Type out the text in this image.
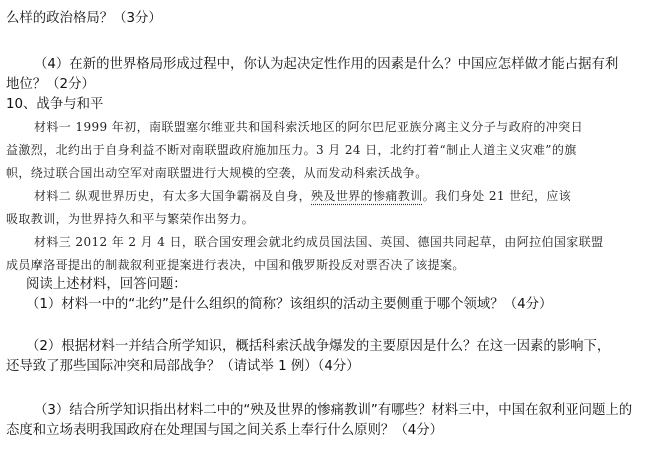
么样的政治格局？（3分）
（4）在新的世界格局形成过程中，你认为起决定性作用的因素是什么？中国应怎样做才能占据有利
地位？（2分）
10、战争与和平
材料一 1999 年初，南联盟塞尔维亚共和国科索沃地区的阿尔巴尼亚族分离主义分子与政府的冲突日
益激烈，北约出于自身利益不断对南联盟政府施加压力。3 月 24 日，北约打着“制止人道主义灾难”的旗
帜，绕过联合国出动空军对南联盟进行大规模的空袭，从而发动科索沃战争。
材料二 纵观世界历史，有太多大国争霸祸及自身，殃及世界的惨痛教训。我们身处 21 世纪，应该
吸取教训，为世界持久和平与繁荣作出努力。
材料三 2012 年 2 月 4 日，联合国安理会就北约成员国法国、英国、德国共同起草，由阿拉伯国家联盟
成员摩洛哥提出的制裁叙利亚提案进行表决，中国和俄罗斯投反对票否决了该提案。
阅读上述材料，回答问题：
（1）材料一中的“北约”是什么组织的简称？该组织的活动主要侧重于哪个领域？（4分）
（2）根据材料一并结合所学知识，概括科索沃战争爆发的主要原因是什么？在这一因素的影响下，
还导致了那些国际冲突和局部战争？（请试举 1 例）（4分）
（3）结合所学知识指出材料二中的“殃及世界的惨痛教训”有哪些？材料三中，中国在叙利亚问题上的
态度和立场表明我国政府在处理国与国之间关系上奉行什么原则？（4分）
